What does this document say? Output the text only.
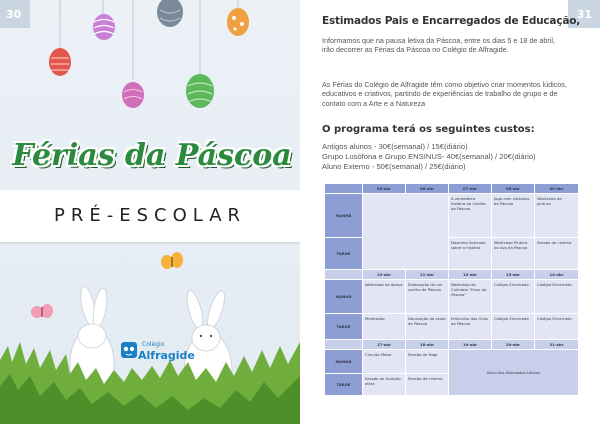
30
Férias da Páscoa
PRÉ-ESCOLAR
Colégio
Alfragide
31
Estimados Pais e Encarregados de Educação,
Informamos que na pausa letiva da Páscoa, entre os dias 5 e 18 de abril, irão decorrer as Férias da Páscoa no Colégio de Alfragide.
As Férias do Colégio de Alfragide têm como objetivo criar momentos lúdicos, educativos e criativos, partindo de experiências de trabalho de grupo e de contato com a Arte e a Natureza
O programa terá os seguintes custos:
Antigos alunos - 30€(semanal) / 15€(diário)
Grupo Lusófona e Grupo ENSINUS- 40€(semanal) / 20€(diário)
Aluno Externo - 50€(semanal) / 25€(diário)
	05-abr	06-abr	07-abr	08-abr	09-abr
MANHÃ			A verdadeira história do Coelho da Páscoa	Jogo com símbolos da Páscoa	Workshop de pintura
TARDE			Desenho ilustrado sobre a história	Workshop Pintura do ovo da Páscoa	Sessão de cinema
	10-abr	11-abr	12-abr	13-abr	14-abr
MANHÃ	Workshop de dança	Elaboração de um coelho de Páscoa	Workshop de Culinária "Ovos da Páscoa"	Colégio Encerrado	Colégio Encerrado
TARDE	Meditação	Decoração do cesto de Páscoa	Embrulho dos Ovos da Páscoa	Colégio Encerrado	Colégio Encerrado
	17-abr	18-abr	19-abr	20-abr	21-abr
MANHÃ	Circuito Motor	Sessão de Yoga	Início das Atividades Letivas		
TARDE	Sessão de Audição ativa	Sessão de cinema			
